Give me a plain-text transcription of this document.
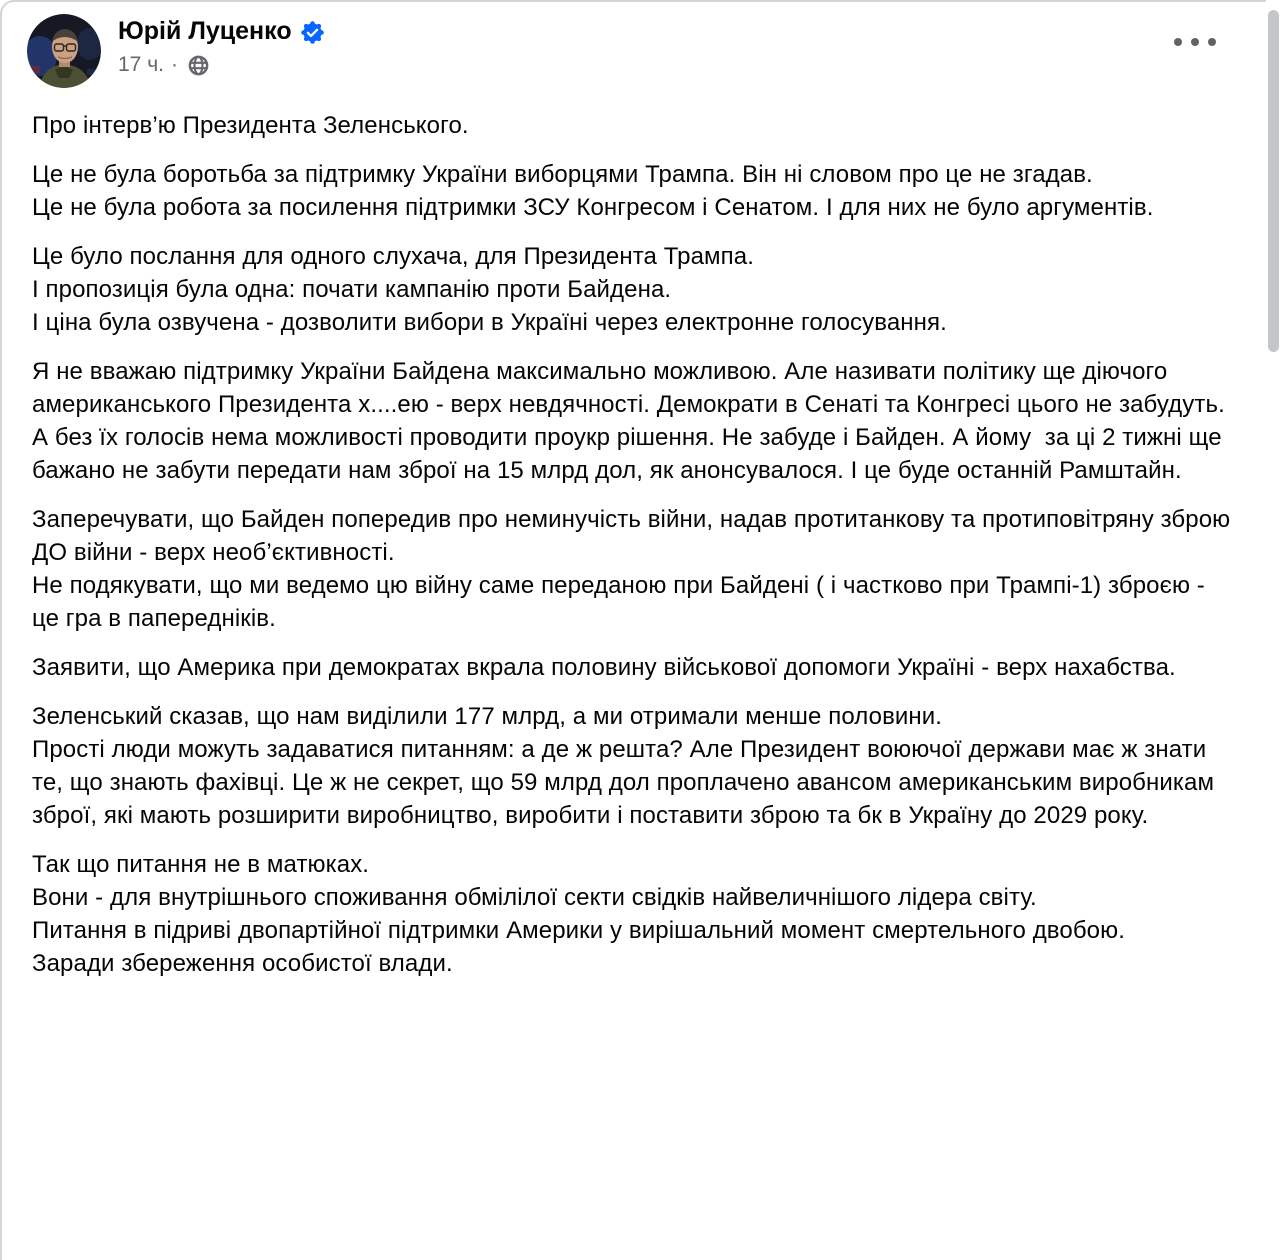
Юрій Луценко
17 ч. ·
Про інтерв’ю Президента Зеленського.
Це не була боротьба за підтримку України виборцями Трампа. Він ні словом про це не згадав.
Це не була робота за посилення підтримки ЗСУ Конгресом і Сенатом. І для них не було аргументів.
Це було послання для одного слухача, для Президента Трампа.
І пропозиція була одна: почати кампанію проти Байдена.
І ціна була озвучена - дозволити вибори в Україні через електронне голосування.
Я не вважаю підтримку України Байдена максимально можливою. Але називати політику ще діючого американського Президента х....ею - верх невдячності. Демократи в Сенаті та Конгресі цього не забудуть. А без їх голосів нема можливості проводити проукр рішення. Не забуде і Байден. А йому  за ці 2 тижні ще бажано не забути передати нам зброї на 15 млрд дол, як анонсувалося. І це буде останній Рамштайн.
Заперечувати, що Байден попередив про неминучість війни, надав протитанкову та протиповітряну зброю ДО війни - верх необ’єктивності.
Не подякувати, що ми ведемо цю війну саме переданою при Байдені ( і частково при Трампі-1) зброєю - це гра в папередніків.
Заявити, що Америка при демократах вкрала половину військової допомоги Україні - верх нахабства.
Зеленський сказав, що нам виділили 177 млрд, а ми отримали менше половини.
Прості люди можуть задаватися питанням: а де ж решта? Але Президент воюючої держави має ж знати те, що знають фахівці. Це ж не секрет, що 59 млрд дол проплачено авансом американським виробникам зброї, які мають розширити виробництво, виробити і поставити зброю та бк в Україну до 2029 року.
Так що питання не в матюках.
Вони - для внутрішнього споживання обмілілої секти свідків найвеличнішого лідера світу.
Питання в підриві двопартійної підтримки Америки у вирішальний момент смертельного двобою.
Заради збереження особистої влади.
